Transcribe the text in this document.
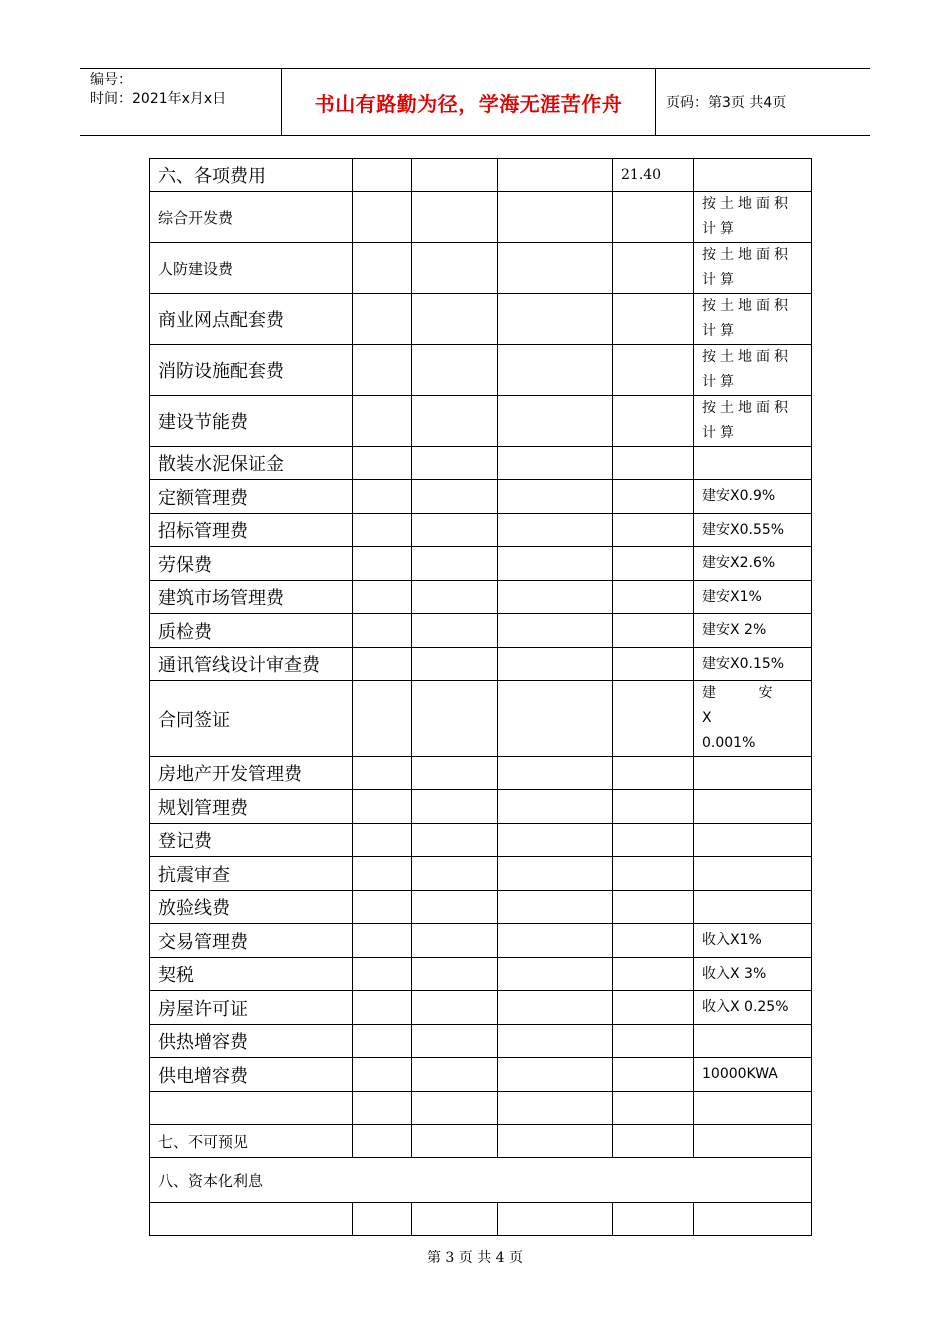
编号：
时间：2021年x月x日	书山有路勤为径，学海无涯苦作舟	页码：第3页 共4页
六、各项费用				21.40	
综合开发费					按土地面积计算
人防建设费					按土地面积计算
商业网点配套费					按土地面积计算
消防设施配套费					按土地面积计算
建设节能费					按土地面积计算
散装水泥保证金					
定额管理费					建安X0.9%
招标管理费					建安X0.55%
劳保费					建安X2.6%
建筑市场管理费					建安X1%
质检费					建安X 2%
通讯管线设计审查费					建安X0.15%
合同签证					建 安 X 0.001%
房地产开发管理费					
规划管理费					
登记费					
抗震审查					
放验线费					
交易管理费					收入X1%
契税					收入X 3%
房屋许可证					收入X 0.25%
供热增容费					
供电增容费					10000KWA

七、不可预见					
八、资本化利息					

第 3 页 共 4 页
